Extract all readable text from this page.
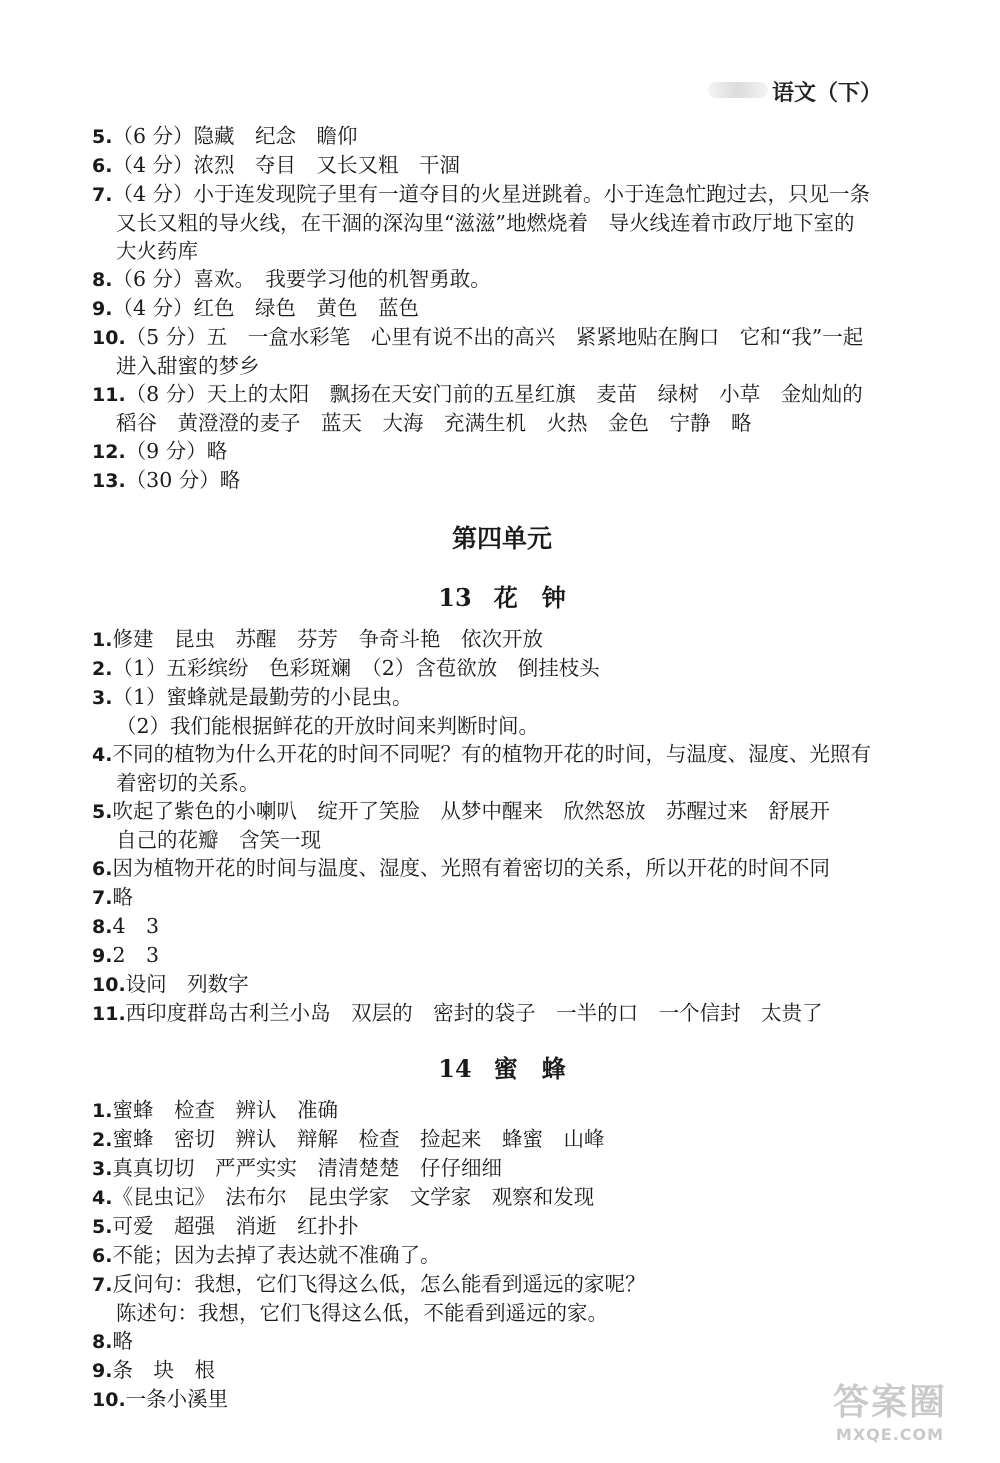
语文（下）

5.（6 分）隐藏　纪念　瞻仰

6.（4 分）浓烈　夺目　又长又粗　干涸

7.（4 分）小于连发现院子里有一道夺目的火星迸跳着。小于连急忙跑过去，只见一条

又长又粗的导火线，在干涸的深沟里“滋滋”地燃烧着　导火线连着市政厅地下室的

大火药库

8.（6 分）喜欢。　我要学习他的机智勇敢。

9.（4 分）红色　绿色　黄色　蓝色

10.（5 分）五　一盒水彩笔　心里有说不出的高兴　紧紧地贴在胸口　它和“我”一起

进入甜蜜的梦乡

11.（8 分）天上的太阳　飘扬在天安门前的五星红旗　麦苗　绿树　小草　金灿灿的

稻谷　黄澄澄的麦子　蓝天　大海　充满生机　火热　金色　宁静　略

12.（9 分）略

13.（30 分）略

第四单元
13 花　钟

1.修建　昆虫　苏醒　芬芳　争奇斗艳　依次开放

2.（1）五彩缤纷　色彩斑斓　（2）含苞欲放　倒挂枝头

3.（1）蜜蜂就是最勤劳的小昆虫。

（2）我们能根据鲜花的开放时间来判断时间。

4.不同的植物为什么开花的时间不同呢？有的植物开花的时间，与温度、湿度、光照有

着密切的关系。

5.吹起了紫色的小喇叭　绽开了笑脸　从梦中醒来　欣然怒放　苏醒过来　舒展开

自己的花瓣　含笑一现

6.因为植物开花的时间与温度、湿度、光照有着密切的关系，所以开花的时间不同

7.略

8.4　3

9.2　3

10.设问　列数字

11.西印度群岛古利兰小岛　双层的　密封的袋子　一半的口　一个信封　太贵了

14 蜜　蜂

1.蜜蜂　检查　辨认　准确

2.蜜蜂　密切　辨认　辩解　检查　捡起来　蜂蜜　山峰

3.真真切切　严严实实　清清楚楚　仔仔细细

4.《昆虫记》　法布尔　昆虫学家　文学家　观察和发现

5.可爱　超强　消逝　红扑扑

6.不能；因为去掉了表达就不准确了。

7.反问句：我想，它们飞得这么低，怎么能看到遥远的家呢？

陈述句：我想，它们飞得这么低，不能看到遥远的家。

8.略

9.条　块　根

10.一条小溪里	答案圈
MXQE.COM
